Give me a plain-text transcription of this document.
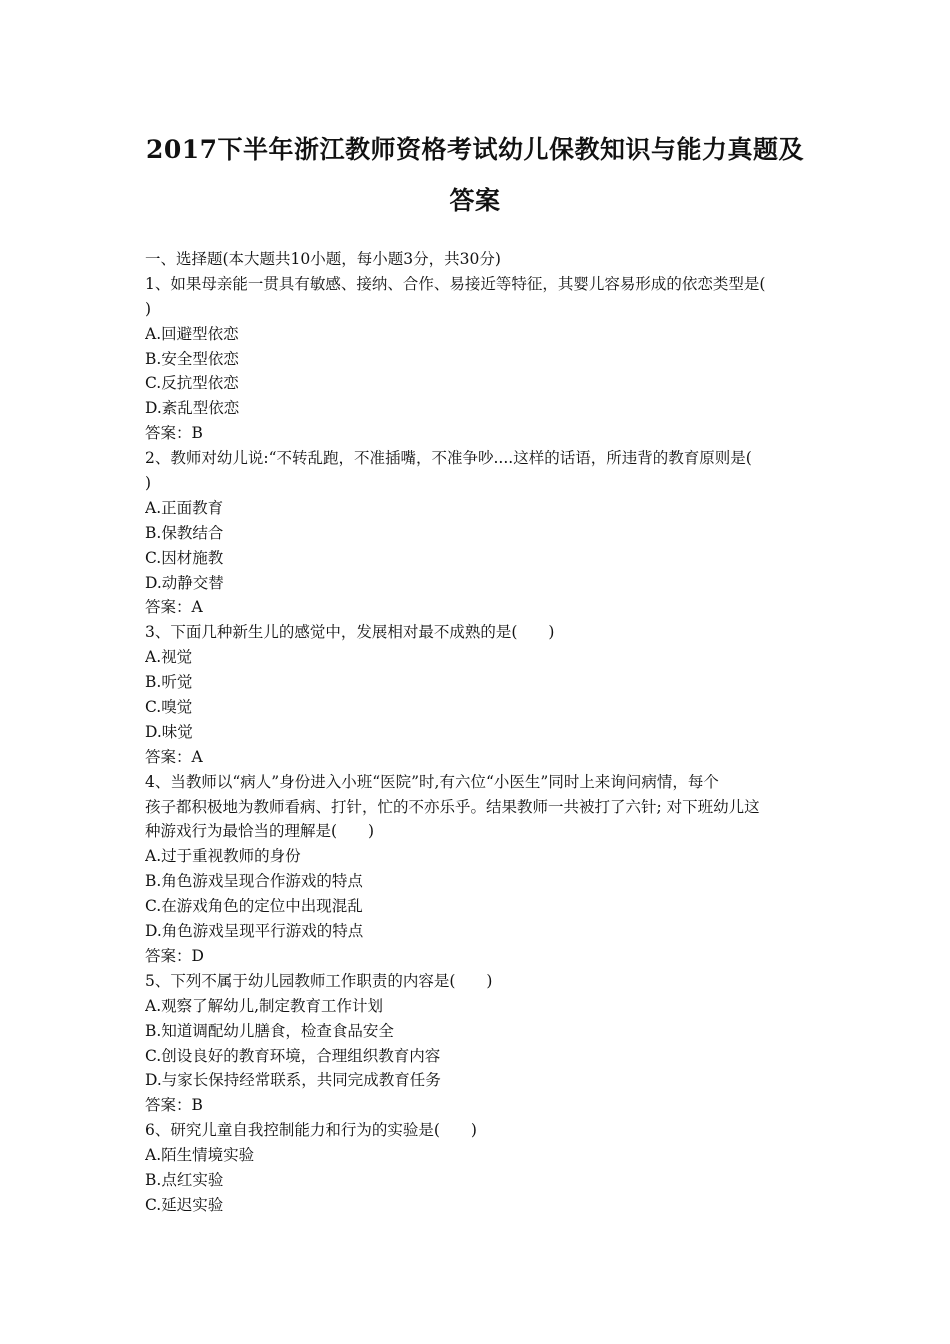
2017下半年浙江教师资格考试幼儿保教知识与能力真题及
答案
一、选择题(本大题共10小题，每小题3分，共30分)
1、如果母亲能一贯具有敏感、接纳、合作、易接近等特征，其婴儿容易形成的依恋类型是(
)
A.回避型依恋
B.安全型依恋
C.反抗型依恋
D.紊乱型依恋
答案：B
2、教师对幼儿说:“不转乱跑，不准插嘴，不准争吵....这样的话语，所违背的教育原则是(
)
A.正面教育
B.保教结合
C.因材施教
D.动静交替
答案：A
3、下面几种新生儿的感觉中，发展相对最不成熟的是(　　)
A.视觉
B.听觉
C.嗅觉
D.味觉
答案：A
4、当教师以“病人”身份进入小班“医院”时,有六位“小医生”同时上来询问病情，每个
孩子都积极地为教师看病、打针，忙的不亦乐乎。结果教师一共被打了六针; 对下班幼儿这
种游戏行为最恰当的理解是(　　)
A.过于重视教师的身份
B.角色游戏呈现合作游戏的特点
C.在游戏角色的定位中出现混乱
D.角色游戏呈现平行游戏的特点
答案：D
5、下列不属于幼儿园教师工作职责的内容是(　　)
A.观察了解幼儿,制定教育工作计划
B.知道调配幼儿膳食，检查食品安全
C.创设良好的教育环境，合理组织教育内容
D.与家长保持经常联系，共同完成教育任务
答案：B
6、研究儿童自我控制能力和行为的实验是(　　)
A.陌生情境实验
B.点红实验
C.延迟实验
